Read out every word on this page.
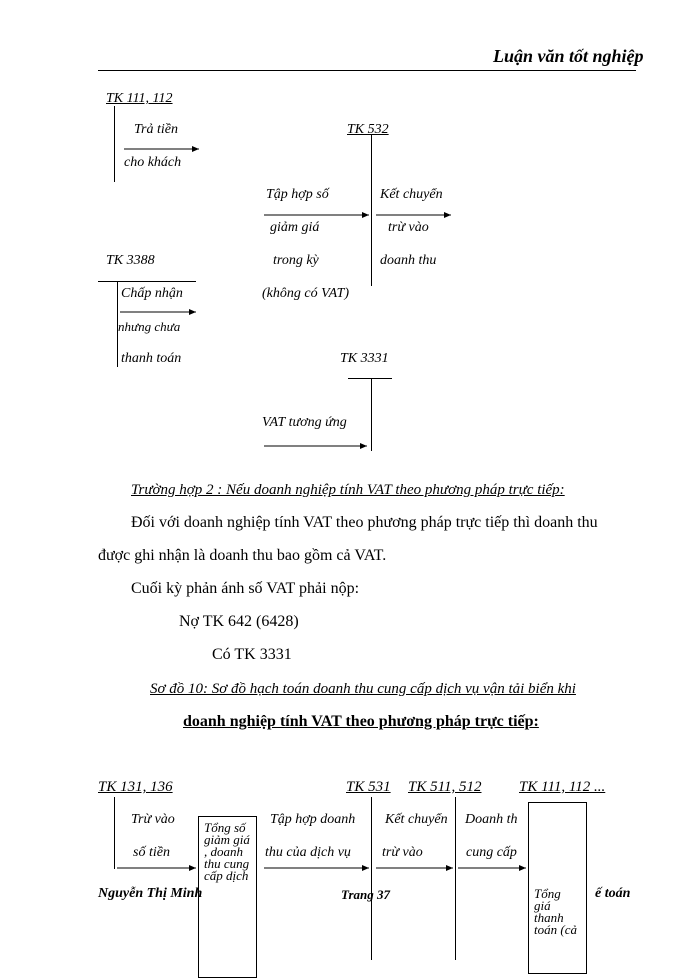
Luận văn tốt nghiệp
TK 111, 112
Trả tiền
cho khách
TK 532
Tập hợp số
giảm giá
trong kỳ
(không có VAT)
Kết chuyển
trừ vào
doanh thu
TK 3388
Chấp nhận
nhưng chưa
thanh toán	TK 3331
VAT tương ứng
Trường hợp 2 : Nếu doanh nghiệp tính VAT theo phương pháp trực tiếp:
Đối với doanh nghiệp tính VAT theo phương pháp trực tiếp thì doanh thu
được ghi nhận là doanh thu bao gồm cả VAT.
Cuối kỳ phản ánh số VAT phải nộp:
Nợ TK 642 (6428)
Có TK 3331
Sơ đồ 10: Sơ đồ hạch toán doanh thu cung cấp dịch vụ vận tải biển khi
doanh nghiệp tính VAT theo phương pháp trực tiếp:
TK 131, 136
Trừ vào
số tiền
Tổng số giảm giá , doanh thu cung cấp dịch
Tập hợp doanh
thu của dịch vụ
TK 531
Kết chuyển
trừ vào
TK 511, 512
Doanh th
cung cấp
TK 111, 112 ...
Tổng giá thanh toán (cả
Nguyễn Thị Minh	Trang 37	ế toán
